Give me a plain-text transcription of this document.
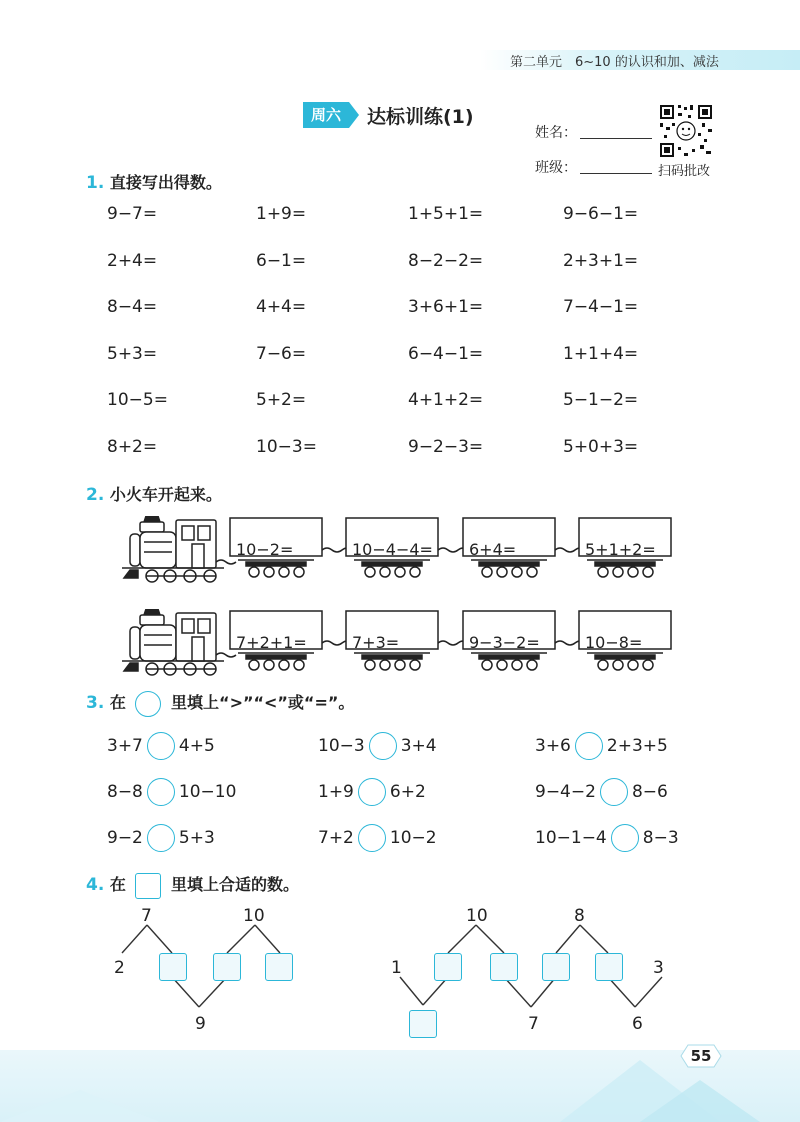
第二单元　6~10 的认识和加、减法
周六	达标训练(1)
姓名：
班级：	扫码批改
1. 直接写出得数。
9−7=	1+9=	1+5+1=	9−6−1=
2+4=	6−1=	8−2−2=	2+3+1=
8−4=	4+4=	3+6+1=	7−4−1=
5+3=	7−6=	6−4−1=	1+1+4=
10−5=	5+2=	4+1+2=	5−1−2=
8+2=	10−3=	9−2−3=	5+0+3=
2. 小火车开起来。
10−2=	10−4−4= 6+4=	5+1+2=
7+2+1=	7+3=	9−3−2=	10−8=
3. 在	里填上“>”“<”或“=”。
3+7 4+5	10−3 3+4	3+6 2+3+5
8−8 10−10	1+9 6+2	9−4−2 8−6
9−2 5+3	7+2 10−2	10−1−4 8−3
4. 在	里填上合适的数。
7	10
2
9
10	8
1	3
7	6
55
